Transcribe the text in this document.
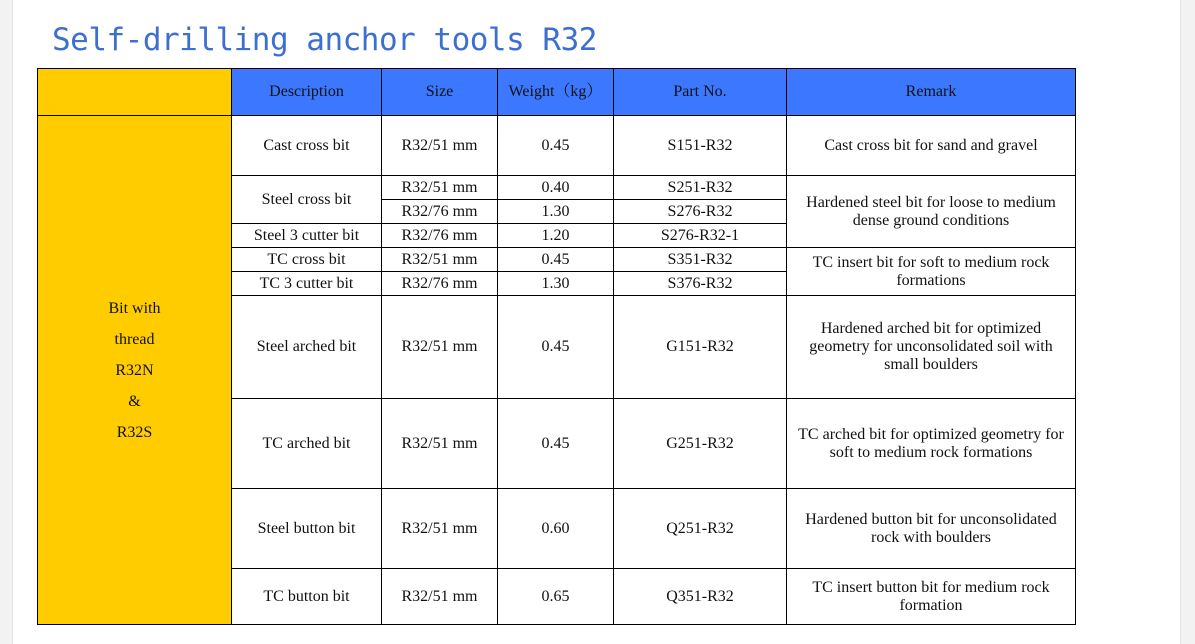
Self-drilling anchor tools R32
	Description	Size	Weight（kg）	Part No.	Remark

Bit with
thread
R32N
&
R32S	Cast cross bit	R32/51 mm	0.45	S151-R32	Cast cross bit for sand and gravel
	Steel cross bit	R32/51 mm	0.40	S251-R32	Hardened steel bit for loose to medium dense ground conditions
		R32/76 mm	1.30	S276-R32	
	Steel 3 cutter bit	R32/76 mm	1.20	S276-R32-1	
	TC cross bit	R32/51 mm	0.45	S351-R32	TC insert bit for soft to medium rock formations
	TC 3 cutter bit	R32/76 mm	1.30	S376-R32	
	Steel arched bit	R32/51 mm	0.45	G151-R32	Hardened arched bit for optimized geometry for unconsolidated soil with small boulders
	TC arched bit	R32/51 mm	0.45	G251-R32	TC arched bit for optimized geometry for soft to medium rock formations
	Steel button bit	R32/51 mm	0.60	Q251-R32	Hardened button bit for unconsolidated rock with boulders
	TC button bit	R32/51 mm	0.65	Q351-R32	TC insert button bit for medium rock formation
